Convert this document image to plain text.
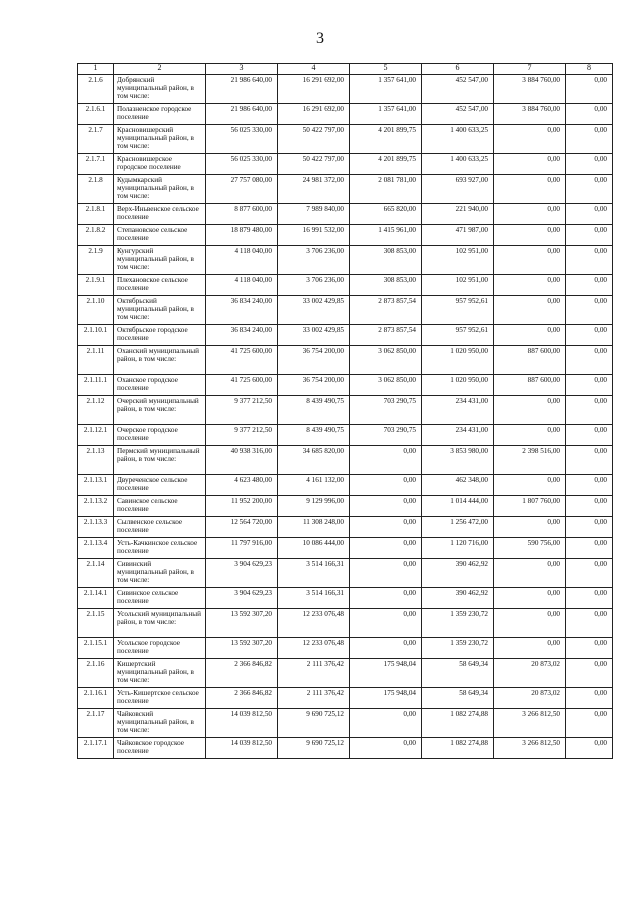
3
1	2	3	4	5	6	7	8
2.1.6	Добрянский муниципальный район, в том числе:	21 986 640,00	16 291 692,00	1 357 641,00	452 547,00	3 884 760,00	0,00
2.1.6.1	Полазненское городское поселение	21 986 640,00	16 291 692,00	1 357 641,00	452 547,00	3 884 760,00	0,00
2.1.7	Красновишерский муниципальный район, в том числе:	56 025 330,00	50 422 797,00	4 201 899,75	1 400 633,25	0,00	0,00
2.1.7.1	Красновишерское городское поселение	56 025 330,00	50 422 797,00	4 201 899,75	1 400 633,25	0,00	0,00
2.1.8	Кудымкарский муниципальный район, в том числе:	27 757 080,00	24 981 372,00	2 081 781,00	693 927,00	0,00	0,00
2.1.8.1	Верх-Иньвенское сельское поселение	8 877 600,00	7 989 840,00	665 820,00	221 940,00	0,00	0,00
2.1.8.2	Степановское сельское поселение	18 879 480,00	16 991 532,00	1 415 961,00	471 987,00	0,00	0,00
2.1.9	Кунгурский муниципальный район, в том числе:	4 118 040,00	3 706 236,00	308 853,00	102 951,00	0,00	0,00
2.1.9.1	Плехановское сельское поселение	4 118 040,00	3 706 236,00	308 853,00	102 951,00	0,00	0,00
2.1.10	Октябрьский муниципальный район, в том числе:	36 834 240,00	33 002 429,85	2 873 857,54	957 952,61	0,00	0,00
2.1.10.1	Октябрьское городское поселение	36 834 240,00	33 002 429,85	2 873 857,54	957 952,61	0,00	0,00
2.1.11	Оханский муниципальный район, в том числе:	41 725 600,00	36 754 200,00	3 062 850,00	1 020 950,00	887 600,00	0,00
2.1.11.1	Оханское городское поселение	41 725 600,00	36 754 200,00	3 062 850,00	1 020 950,00	887 600,00	0,00
2.1.12	Очерский муниципальный район, в том числе:	9 377 212,50	8 439 490,75	703 290,75	234 431,00	0,00	0,00
2.1.12.1	Очерское городское поселение	9 377 212,50	8 439 490,75	703 290,75	234 431,00	0,00	0,00
2.1.13	Пермский муниципальный район, в том числе:	40 938 316,00	34 685 820,00	0,00	3 853 980,00	2 398 516,00	0,00
2.1.13.1	Двуреченское сельское поселение	4 623 480,00	4 161 132,00	0,00	462 348,00	0,00	0,00
2.1.13.2	Савинское сельское поселение	11 952 200,00	9 129 996,00	0,00	1 014 444,00	1 807 760,00	0,00
2.1.13.3	Сылвенское сельское поселение	12 564 720,00	11 308 248,00	0,00	1 256 472,00	0,00	0,00
2.1.13.4	Усть-Качкинское сельское поселение	11 797 916,00	10 086 444,00	0,00	1 120 716,00	590 756,00	0,00
2.1.14	Сивинский муниципальный район, в том числе:	3 904 629,23	3 514 166,31	0,00	390 462,92	0,00	0,00
2.1.14.1	Сивинское сельское поселение	3 904 629,23	3 514 166,31	0,00	390 462,92	0,00	0,00
2.1.15	Усольский муниципальный район, в том числе:	13 592 307,20	12 233 076,48	0,00	1 359 230,72	0,00	0,00
2.1.15.1	Усольское городское поселение	13 592 307,20	12 233 076,48	0,00	1 359 230,72	0,00	0,00
2.1.16	Кишертский муниципальный район, в том числе:	2 366 846,82	2 111 376,42	175 948,04	58 649,34	20 873,02	0,00
2.1.16.1	Усть-Кишертское сельское поселение	2 366 846,82	2 111 376,42	175 948,04	58 649,34	20 873,02	0,00
2.1.17	Чайковский муниципальный район, в том числе:	14 039 812,50	9 690 725,12	0,00	1 082 274,88	3 266 812,50	0,00
2.1.17.1	Чайковское городское поселение	14 039 812,50	9 690 725,12	0,00	1 082 274,88	3 266 812,50	0,00
